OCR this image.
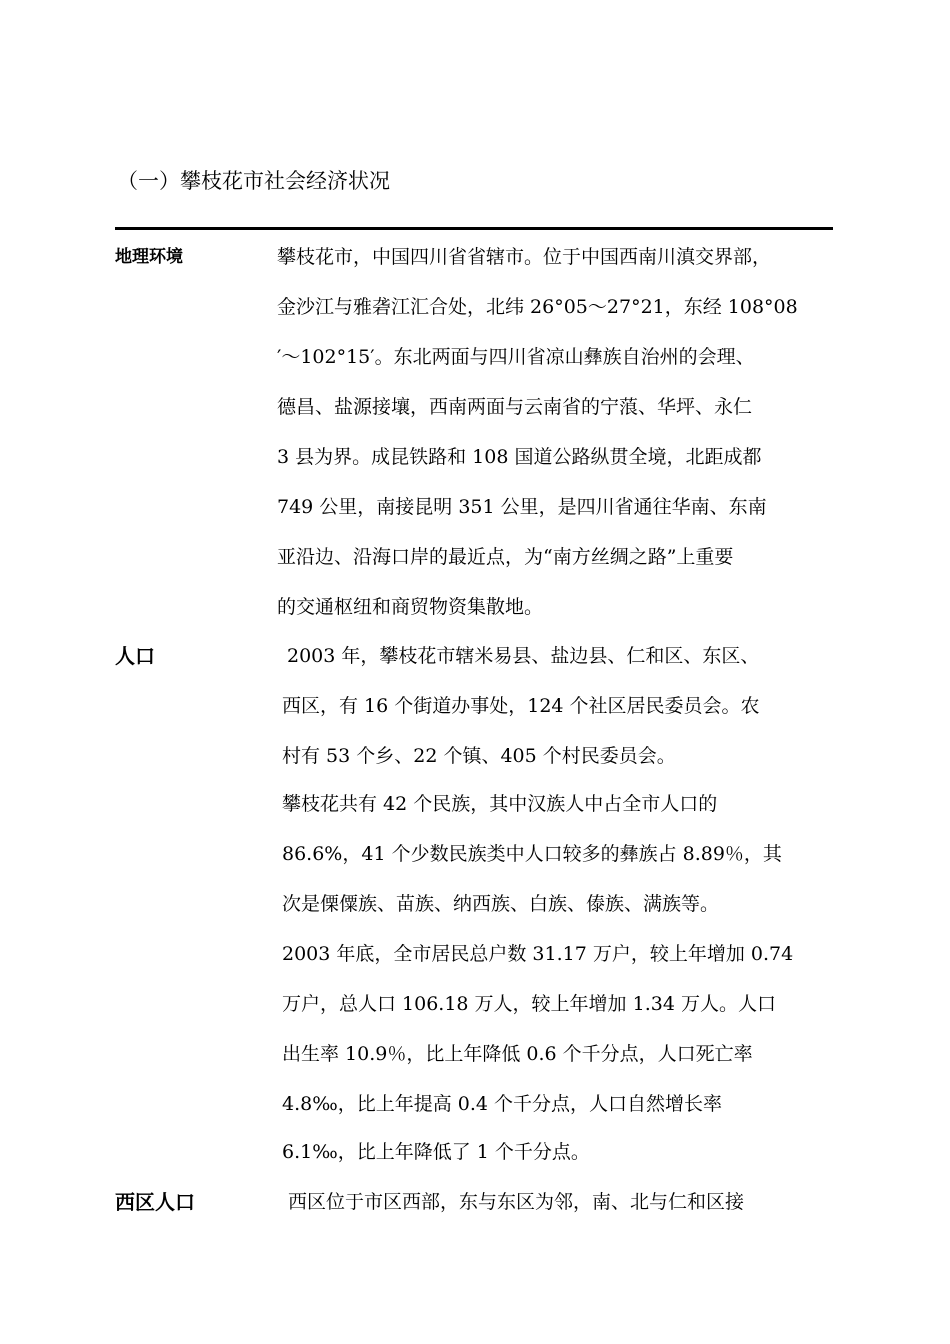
（一）攀枝花市社会经济状况
地理环境	攀枝花市，中国四川省省辖市。位于中国西南川滇交界部，
金沙江与雅砻江汇合处，北纬 26°05～27°21，东经 108°08
′～102°15′。东北两面与四川省凉山彝族自治州的会理、
德昌、盐源接壤，西南两面与云南省的宁蒗、华坪、永仁
3 县为界。成昆铁路和 108 国道公路纵贯全境，北距成都
749 公里，南接昆明 351 公里，是四川省通往华南、东南
亚沿边、沿海口岸的最近点，为“南方丝绸之路”上重要
的交通枢纽和商贸物资集散地。
人口	2003 年，攀枝花市辖米易县、盐边县、仁和区、东区、
西区，有 16 个街道办事处，124 个社区居民委员会。农
村有 53 个乡、22 个镇、405 个村民委员会。
攀枝花共有 42 个民族，其中汉族人中占全市人口的
86.6%，41 个少数民族类中人口较多的彝族占 8.89％，其
次是傈僳族、苗族、纳西族、白族、傣族、满族等。
2003 年底，全市居民总户数 31.17 万户，较上年增加 0.74
万户，总人口 106.18 万人，较上年增加 1.34 万人。人口
出生率 10.9％，比上年降低 0.6 个千分点，人口死亡率
4.8‰，比上年提高 0.4 个千分点，人口自然增长率
6.1‰，比上年降低了 1 个千分点。
西区人口	西区位于市区西部，东与东区为邻，南、北与仁和区接
